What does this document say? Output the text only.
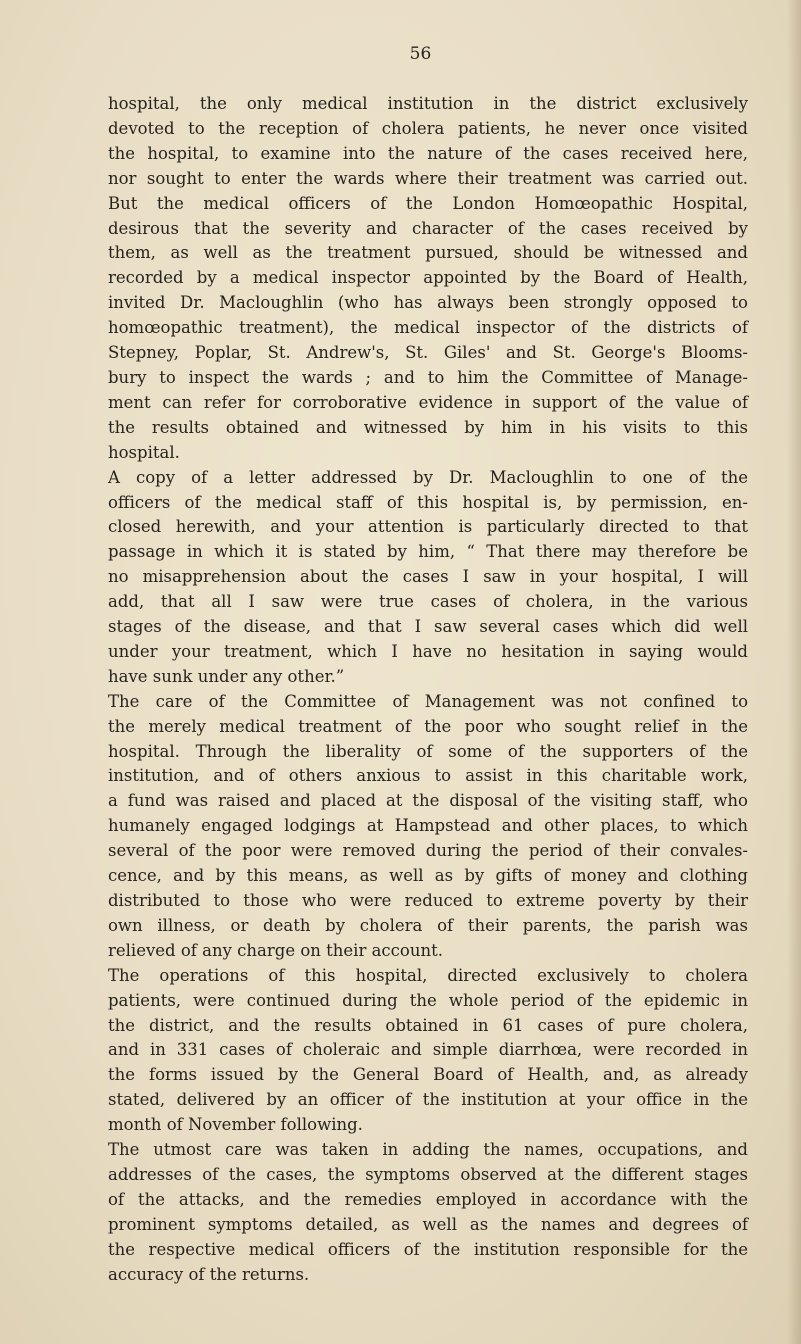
56

hospital, the only medical institution in the district exclusively
devoted to the reception of cholera patients, he never once visited
the hospital, to examine into the nature of the cases received here,
nor sought to enter the wards where their treatment was carried out.
But the medical officers of the London Homœopathic Hospital,
desirous that the severity and character of the cases received by
them, as well as the treatment pursued, should be witnessed and
recorded by a medical inspector appointed by the Board of Health,
invited Dr. Macloughlin (who has always been strongly opposed to
homœopathic treatment), the medical inspector of the districts of
Stepney, Poplar, St. Andrew's, St. Giles' and St. George's Blooms-
bury to inspect the wards ; and to him the Committee of Manage-
ment can refer for corroborative evidence in support of the value of
the results obtained and witnessed by him in his visits to this
hospital.

A copy of a letter addressed by Dr. Macloughlin to one of the
officers of the medical staff of this hospital is, by permission, en-
closed herewith, and your attention is particularly directed to that
passage in which it is stated by him, “ That there may therefore be
no misapprehension about the cases I saw in your hospital, I will
add, that all I saw were true cases of cholera, in the various
stages of the disease, and that I saw several cases which did well
under your treatment, which I have no hesitation in saying would
have sunk under any other.”

The care of the Committee of Management was not confined to
the merely medical treatment of the poor who sought relief in the
hospital. Through the liberality of some of the supporters of the
institution, and of others anxious to assist in this charitable work,
a fund was raised and placed at the disposal of the visiting staff, who
humanely engaged lodgings at Hampstead and other places, to which
several of the poor were removed during the period of their convales-
cence, and by this means, as well as by gifts of money and clothing
distributed to those who were reduced to extreme poverty by their
own illness, or death by cholera of their parents, the parish was
relieved of any charge on their account.

The operations of this hospital, directed exclusively to cholera
patients, were continued during the whole period of the epidemic in
the district, and the results obtained in 61 cases of pure cholera,
and in 331 cases of choleraic and simple diarrhœa, were recorded in
the forms issued by the General Board of Health, and, as already
stated, delivered by an officer of the institution at your office in the
month of November following.

The utmost care was taken in adding the names, occupations, and
addresses of the cases, the symptoms observed at the different stages
of the attacks, and the remedies employed in accordance with the
prominent symptoms detailed, as well as the names and degrees of
the respective medical officers of the institution responsible for the
accuracy of the returns.
